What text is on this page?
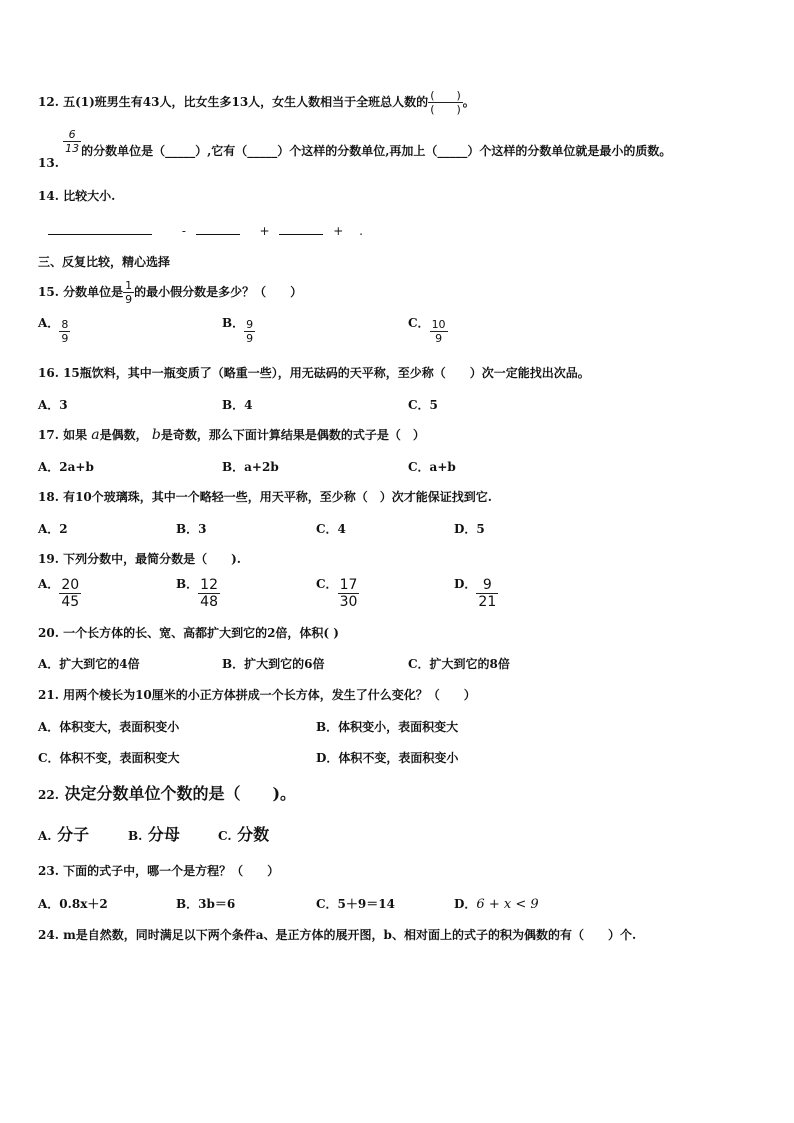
12. 五(1)班男生有43人，比女生多13人，女生人数相当于全班总人数的 $\frac{( )}{( )}$ 。
13.
$\frac{6}{13}$ 的分数单位是（_____）,它有（_____）个这样的分数单位,再加上（_____）个这样的分数单位就是最小的质数。
14. 比较大小.
-	+	+ .
三、反复比较，精心选择
15. 分数单位是 $\frac{1}{9}$ 的最小假分数是多少？（　　）
A． $\frac{8}{9}$	B． $\frac{9}{9}$	C． $\frac{10}{9}$
16. 15瓶饮料，其中一瓶变质了（略重一些），用无砝码的天平称，至少称（　　）次一定能找出次品。
A．3	B．4	C．5
17. 如果 a是偶数， b是奇数，那么下面计算结果是偶数的式子是（　）
A．2a+b	B．a+2b	C．a+b
18. 有10个玻璃珠，其中一个略轻一些，用天平称，至少称（　）次才能保证找到它.
A．2	B．3	C．4	D．5
19. 下列分数中，最简分数是（　　).
A． $\frac{20}{45}$	B． $\frac{12}{48}$	C． $\frac{17}{30}$	D． $\frac{9}{21}$
20. 一个长方体的长、宽、高都扩大到它的2倍，体积( )
A．扩大到它的4倍	B．扩大到它的6倍	C．扩大到它的8倍
21. 用两个棱长为10厘米的小正方体拼成一个长方体，发生了什么变化？（　　）
A．体积变大，表面积变小	B．体积变小，表面积变大
C．体积不变，表面积变大	D．体积不变，表面积变小
22. 决定分数单位个数的是（　　)。
A. 分子	B. 分母	C. 分数
23. 下面的式子中，哪一个是方程？（　　）
A．0.8x＋2	B．3b＝6	C．5＋9＝14	D．6 + x < 9
24. m是自然数，同时满足以下两个条件a、是正方体的展开图，b、相对面上的式子的积为偶数的有（　　）个.
